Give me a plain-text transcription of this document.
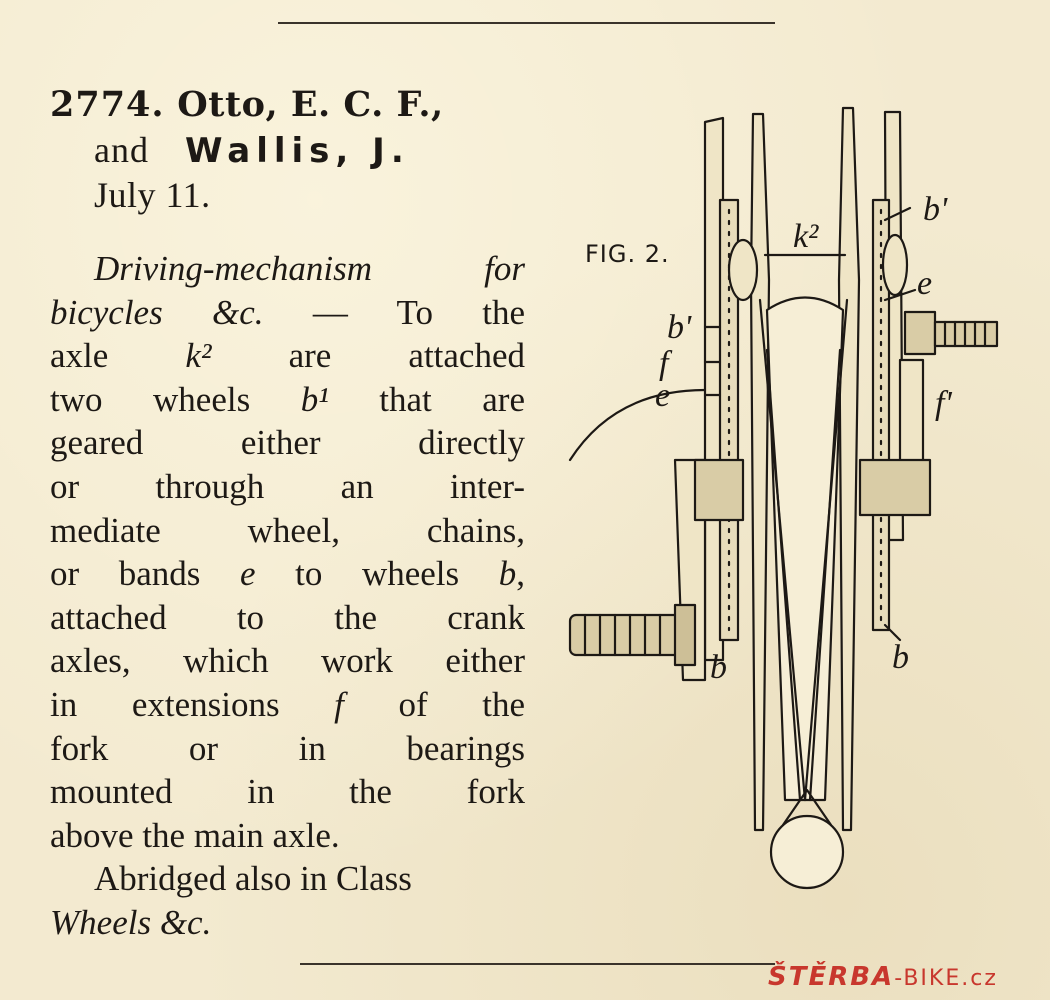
2774. Otto, E. C. F.,

and Wallis, J.

July 11.

Driving-mechanism for
bicycles &c. — To the
axle k² are attached
two wheels b¹ that are
geared either directly
or through an inter-
mediate wheel, chains,
or bands e to wheels b,
attached to the crank
axles, which work either
in extensions f of the
fork or in bearings
mounted in the fork
above the main axle.
Abridged also in Class
Wheels &c.
FIG. 2.	k²
b'
f
e
b'
e
f'
b	b
ŠTĚRBA-BIKE.cz
